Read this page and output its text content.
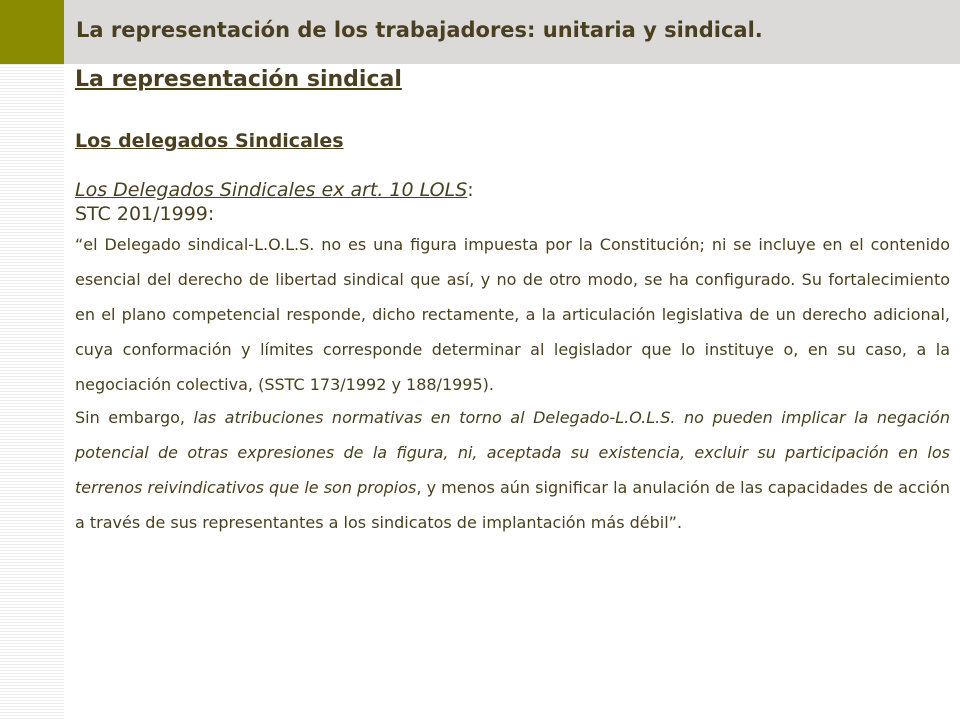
La representación de los trabajadores: unitaria y sindical.
La representación sindical
Los delegados Sindicales
Los Delegados Sindicales ex art. 10 LOLS:
STC 201/1999:

“el Delegado sindical-L.O.L.S. no es una figura impuesta por la Constitución; ni se incluye en el contenido esencial del derecho de libertad sindical que así, y no de otro modo, se ha configurado. Su fortalecimiento en el plano competencial responde, dicho rectamente, a la articulación legislativa de un derecho adicional, cuya conformación y límites corresponde determinar al legislador que lo instituye o, en su caso, a la negociación colectiva, (SSTC 173/1992 y 188/1995).

Sin embargo, las atribuciones normativas en torno al Delegado-L.O.L.S. no pueden implicar la negación potencial de otras expresiones de la figura, ni, aceptada su existencia, excluir su participación en los terrenos reivindicativos que le son propios, y menos aún significar la anulación de las capacidades de acción a través de sus representantes a los sindicatos de implantación más débil”.
